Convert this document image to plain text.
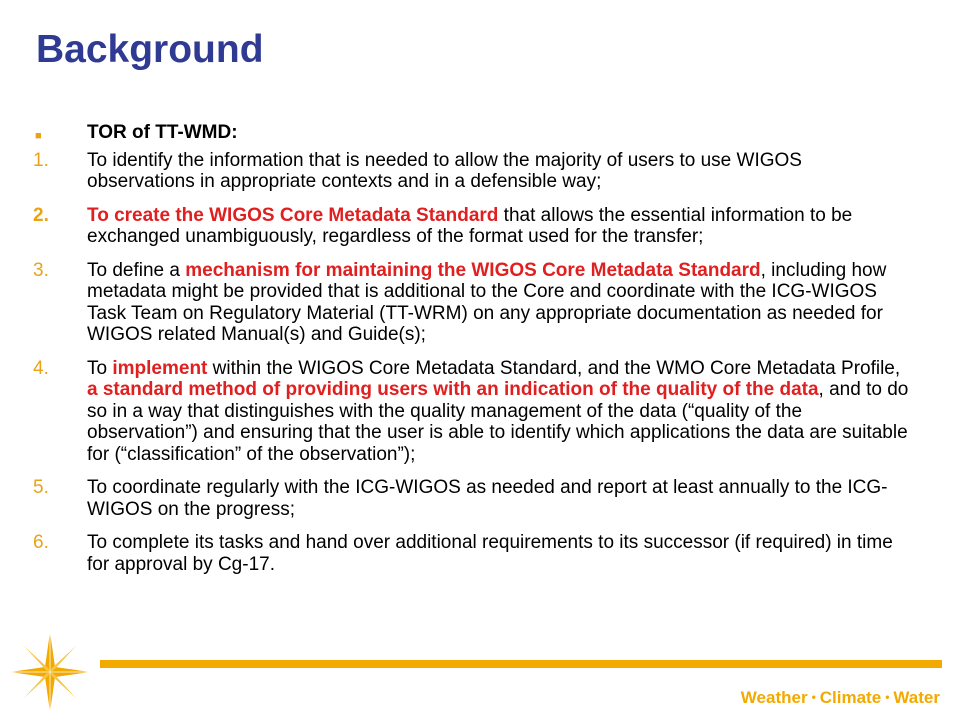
Background
■	TOR of TT-WMD:
1.	To identify the information that is needed to allow the majority of users to use WIGOS observations in appropriate contexts and in a defensible way;
2.	To create the WIGOS Core Metadata Standard that allows the essential information to be exchanged unambiguously, regardless of the format used for the transfer;
3.	To define a mechanism for maintaining the WIGOS Core Metadata Standard, including how metadata might be provided that is additional to the Core and coordinate with the ICG-WIGOS Task Team on Regulatory Material (TT-WRM) on any appropriate documentation as needed for WIGOS related Manual(s) and Guide(s);
4.	To implement within the WIGOS Core Metadata Standard, and the WMO Core Metadata Profile, a standard method of providing users with an indication of the quality of the data, and to do so in a way that distinguishes with the quality management of the data (“quality of the observation”) and ensuring that the user is able to identify which applications the data are suitable for (“classification” of the observation”);
5.	To coordinate regularly with the ICG-WIGOS as needed and report at least annually to the ICG-WIGOS on the progress;
6.	To complete its tasks and hand over additional requirements to its successor (if required) in time for approval by Cg-17.
Weather • Climate • Water
